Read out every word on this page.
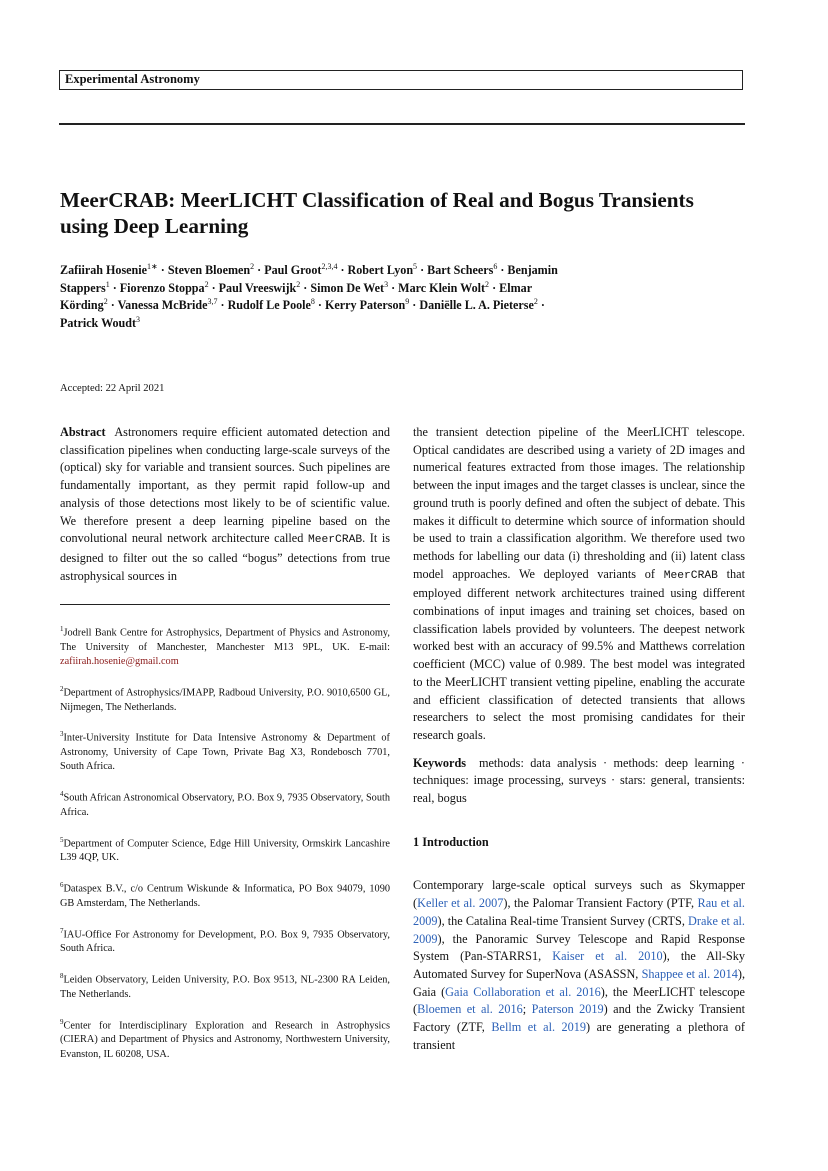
Experimental Astronomy
MeerCRAB: MeerLICHT Classification of Real and Bogus Transients
using Deep Learning
Zafiirah Hosenie$^{1∗}$ · Steven Bloemen$^2$ · Paul Groot$^{2,3,4}$ · Robert Lyon$^5$ · Bart Scheers$^6$ · Benjamin Stappers$^1$ · Fiorenzo Stoppa$^2$ · Paul Vreeswijk$^2$ · Simon De Wet$^3$ · Marc Klein Wolt$^2$ · Elmar Körding$^2$ · Vanessa McBride$^{3,7}$ · Rudolf Le Poole$^8$ · Kerry Paterson$^9$ · Daniëlle L. A. Pieterse$^2$ · Patrick Woudt$^3$
Accepted: 22 April 2021
Abstract Astronomers require efficient automated detection and classification pipelines when conducting large-scale surveys of the (optical) sky for variable and transient sources. Such pipelines are fundamentally important, as they permit rapid follow-up and analysis of those detections most likely to be of scientific value. We therefore present a deep learning pipeline based on the convolutional neural network architecture called MeerCRAB. It is designed to filter out the so called “bogus” detections from true astrophysical sources in

$^1$Jodrell Bank Centre for Astrophysics, Department of Physics and Astronomy, The University of Manchester, Manchester M13 9PL, UK. E-mail: zafiirah.hosenie@gmail.com

$^2$Department of Astrophysics/IMAPP, Radboud University, P.O. 9010,6500 GL, Nijmegen, The Netherlands.

$^3$Inter-University Institute for Data Intensive Astronomy & Department of Astronomy, University of Cape Town, Private Bag X3, Rondebosch 7701, South Africa.

$^4$South African Astronomical Observatory, P.O. Box 9, 7935 Observatory, South Africa.

$^5$Department of Computer Science, Edge Hill University, Ormskirk Lancashire L39 4QP, UK.

$^6$Dataspex B.V., c/o Centrum Wiskunde & Informatica, PO Box 94079, 1090 GB Amsterdam, The Netherlands.

$^7$IAU-Office For Astronomy for Development, P.O. Box 9, 7935 Observatory, South Africa.

$^8$Leiden Observatory, Leiden University, P.O. Box 9513, NL-2300 RA Leiden, The Netherlands.

$^9$Center for Interdisciplinary Exploration and Research in Astrophysics (CIERA) and Department of Physics and Astronomy, Northwestern University, Evanston, IL 60208, USA.

the transient detection pipeline of the MeerLICHT telescope. Optical candidates are described using a variety of 2D images and numerical features extracted from those images. The relationship between the input images and the target classes is unclear, since the ground truth is poorly defined and often the subject of debate. This makes it difficult to determine which source of information should be used to train a classification algorithm. We therefore used two methods for labelling our data (i) thresholding and (ii) latent class model approaches. We deployed variants of MeerCRAB that employed different network architectures trained using different combinations of input images and training set choices, based on classification labels provided by volunteers. The deepest network worked best with an accuracy of 99.5% and Matthews correlation coefficient (MCC) value of 0.989. The best model was integrated to the MeerLICHT transient vetting pipeline, enabling the accurate and efficient classification of detected transients that allows researchers to select the most promising candidates for their research goals.
Keywords methods: data analysis · methods: deep learning · techniques: image processing, surveys · stars: general, transients: real, bogus
1 Introduction
Contemporary large-scale optical surveys such as Skymapper (Keller et al. 2007), the Palomar Transient Factory (PTF, Rau et al. 2009), the Catalina Real-time Transient Survey (CRTS, Drake et al. 2009), the Panoramic Survey Telescope and Rapid Response System (Pan-STARRS1, Kaiser et al. 2010), the All-Sky Automated Survey for SuperNova (ASASSN, Shappee et al. 2014), Gaia (Gaia Collaboration et al. 2016), the MeerLICHT telescope (Bloemen et al. 2016; Paterson 2019) and the Zwicky Transient Factory (ZTF, Bellm et al. 2019) are generating a plethora of transient
